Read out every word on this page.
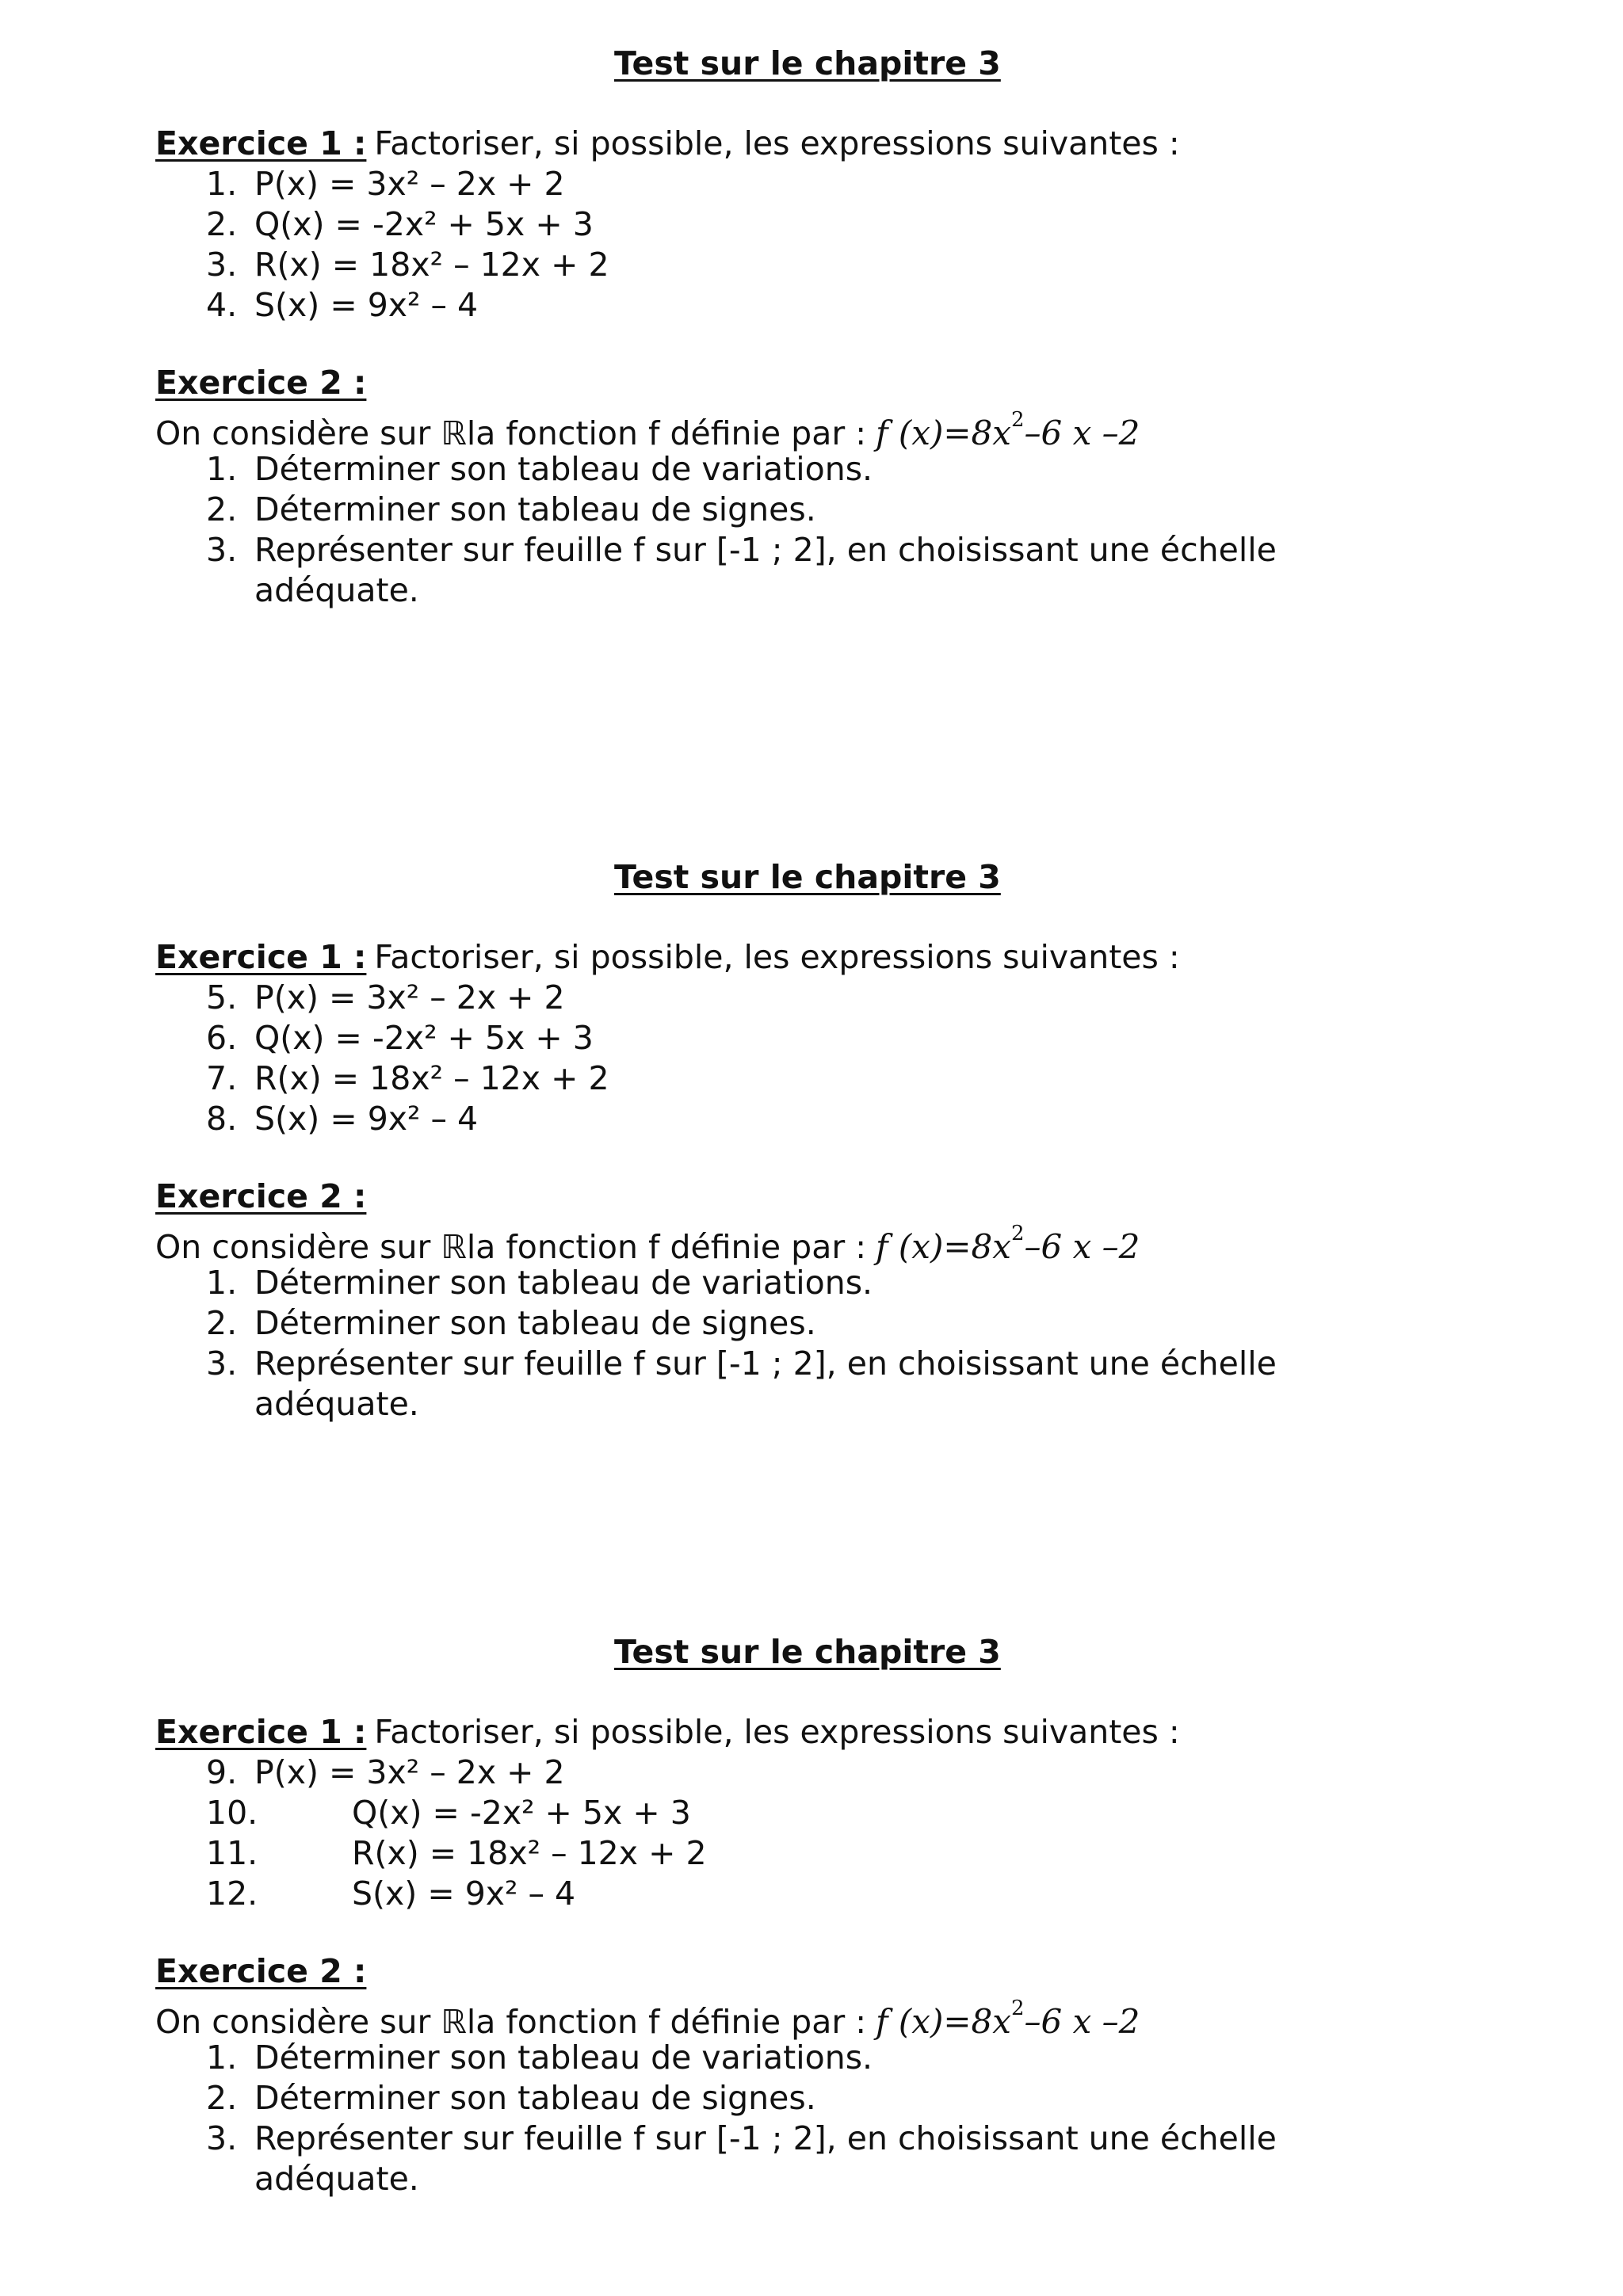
Test sur le chapitre 3
Exercice 1 : Factoriser, si possible, les expressions suivantes :
1. P(x) = 3x² – 2x + 2
2. Q(x) = -2x² + 5x + 3
3. R(x) = 18x² – 12x + 2
4. S(x) = 9x² – 4
Exercice 2 :
On considère sur ℝla fonction f définie par : f $(x)=8x^2-6$ x –2
1. Déterminer son tableau de variations.
2. Déterminer son tableau de signes.
3. Représenter sur feuille f sur [-1 ; 2], en choisissant une échelle adéquate.
Test sur le chapitre 3
Exercice 1 : Factoriser, si possible, les expressions suivantes :
5. P(x) = 3x² – 2x + 2
6. Q(x) = -2x² + 5x + 3
7. R(x) = 18x² – 12x + 2
8. S(x) = 9x² – 4
Exercice 2 :
On considère sur ℝla fonction f définie par : f $(x)=8x^2-6$ x –2
1. Déterminer son tableau de variations.
2. Déterminer son tableau de signes.
3. Représenter sur feuille f sur [-1 ; 2], en choisissant une échelle adéquate.
Test sur le chapitre 3
Exercice 1 : Factoriser, si possible, les expressions suivantes :
9. P(x) = 3x² – 2x + 2
10.	Q(x) = -2x² + 5x + 3
11.	R(x) = 18x² – 12x + 2
12.	S(x) = 9x² – 4
Exercice 2 :
On considère sur ℝla fonction f définie par : f $(x)=8x^2-6$ x –2
1. Déterminer son tableau de variations.
2. Déterminer son tableau de signes.
3. Représenter sur feuille f sur [-1 ; 2], en choisissant une échelle adéquate.
